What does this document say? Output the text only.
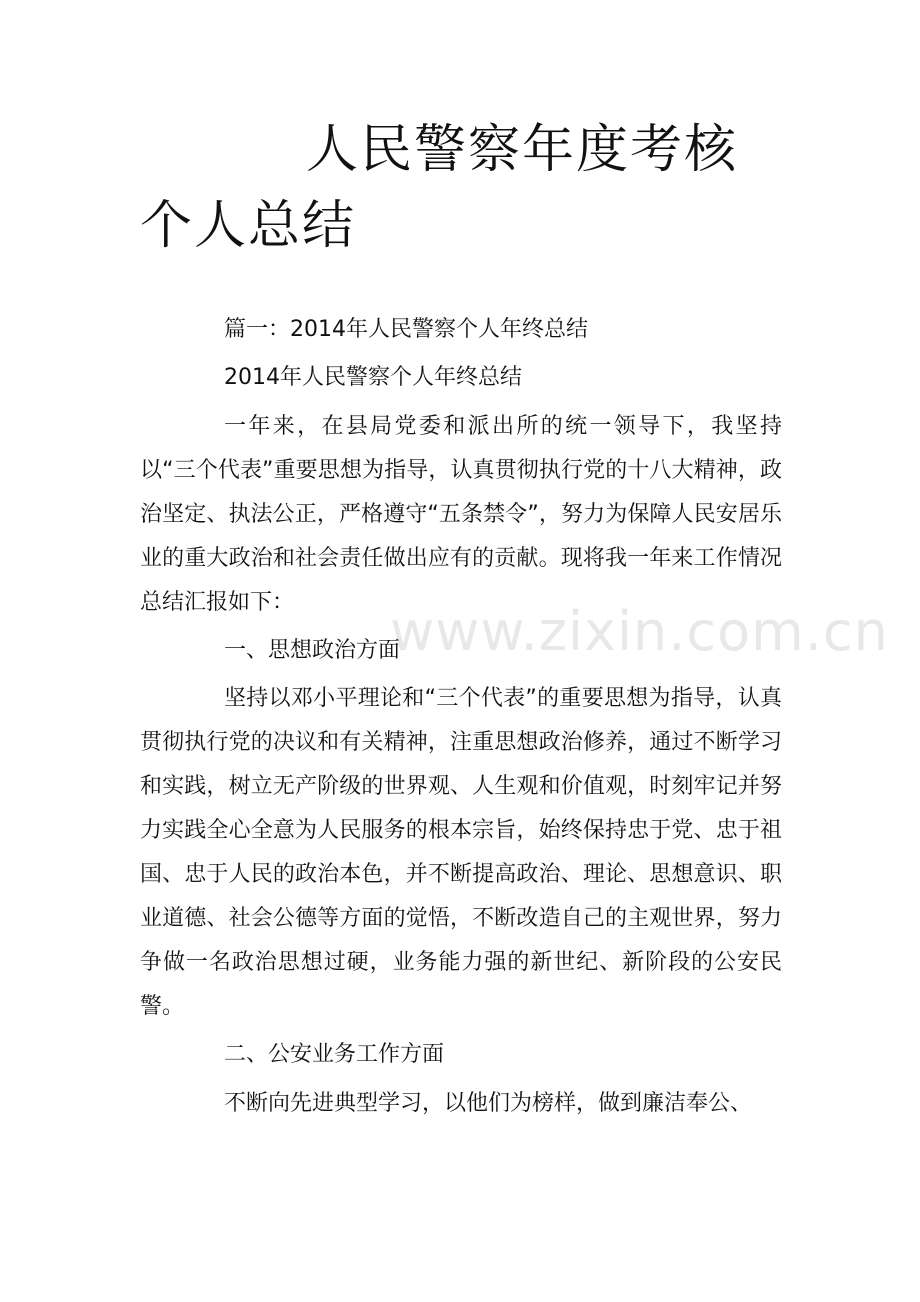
人民警察年度考核
个人总结

篇一：2014年人民警察个人年终总结

2014年人民警察个人年终总结

一年来，在县局党委和派出所的统一领导下，我坚持以“三个代表”重要思想为指导，认真贯彻执行党的十八大精神，政治坚定、执法公正，严格遵守“五条禁令”，努力为保障人民安居乐业的重大政治和社会责任做出应有的贡献。现将我一年来工作情况总结汇报如下：

一、思想政治方面

坚持以邓小平理论和“三个代表”的重要思想为指导，认真贯彻执行党的决议和有关精神，注重思想政治修养，通过不断学习和实践，树立无产阶级的世界观、人生观和价值观，时刻牢记并努力实践全心全意为人民服务的根本宗旨，始终保持忠于党、忠于祖国、忠于人民的政治本色，并不断提高政治、理论、思想意识、职业道德、社会公德等方面的觉悟，不断改造自己的主观世界，努力争做一名政治思想过硬，业务能力强的新世纪、新阶段的公安民警。

二、公安业务工作方面

不断向先进典型学习，以他们为榜样，做到廉洁奉公、

www.zixin.com.cn
